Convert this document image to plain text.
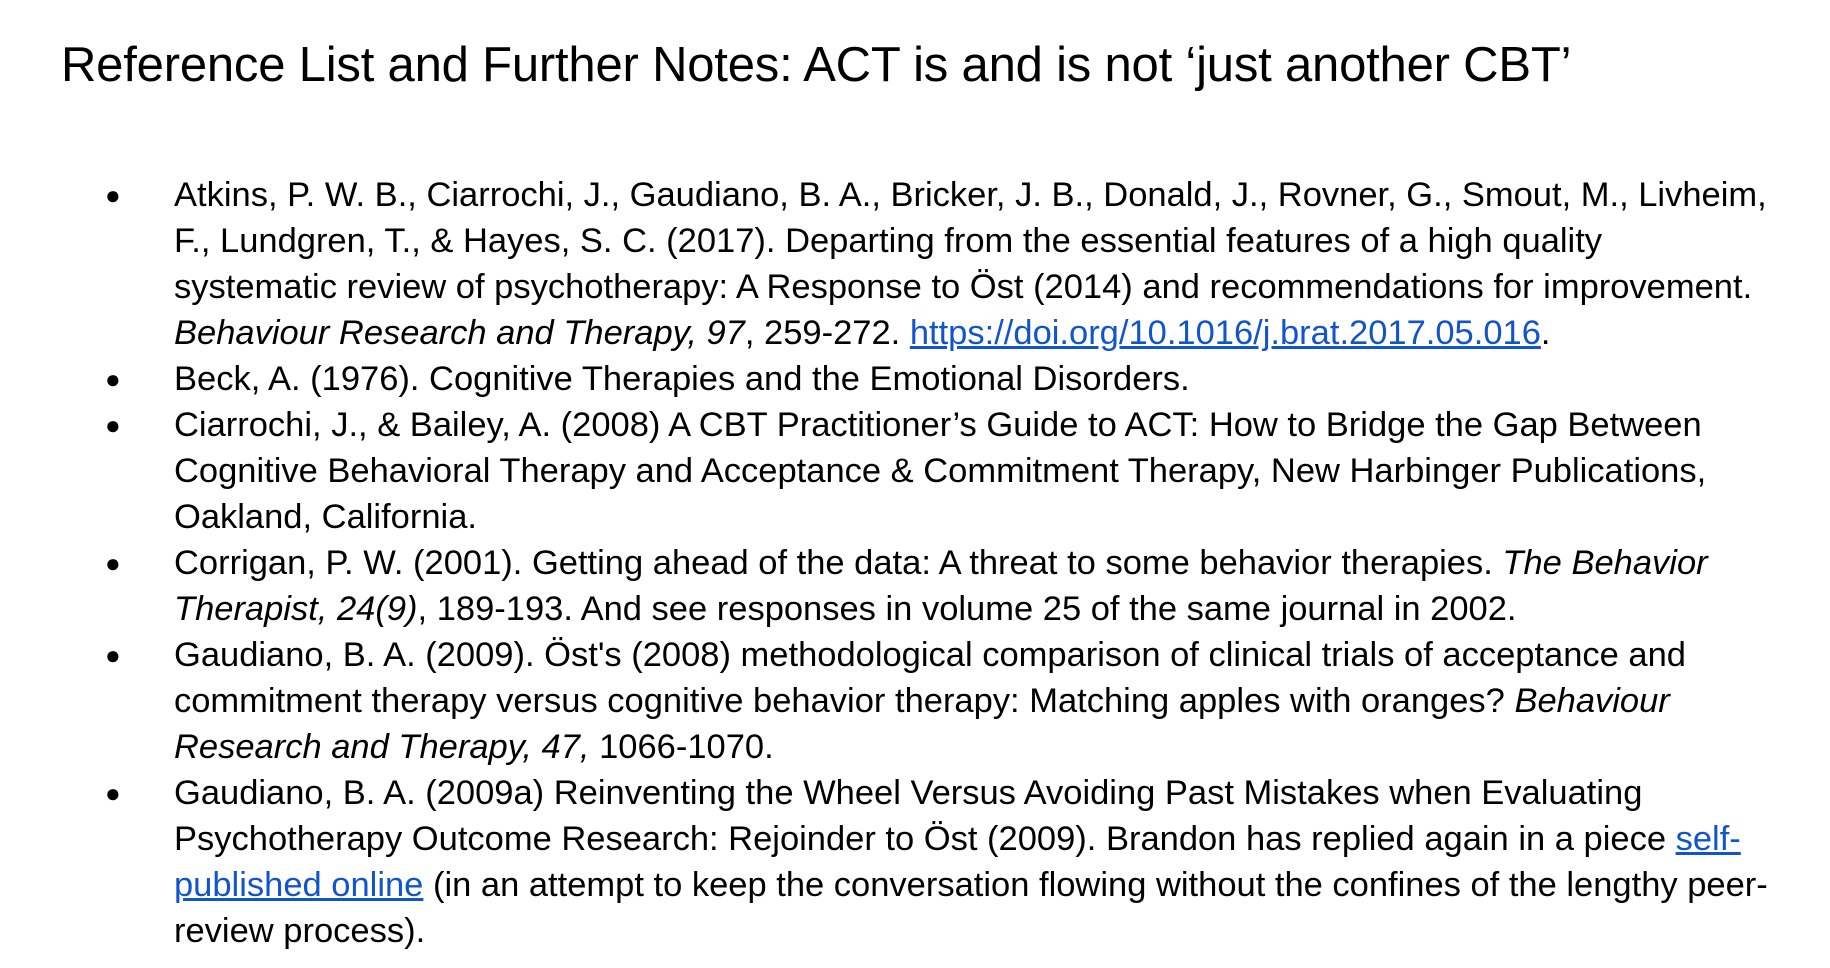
Reference List and Further Notes: ACT is and is not ‘just another CBT’
● Atkins, P. W. B., Ciarrochi, J., Gaudiano, B. A., Bricker, J. B., Donald, J., Rovner, G., Smout, M., Livheim, F., Lundgren, T., & Hayes, S. C. (2017). Departing from the essential features of a high quality systematic review of psychotherapy: A Response to Öst (2014) and recommendations for improvement. Behaviour Research and Therapy, 97, 259-272. https://doi.org/10.1016/j.brat.2017.05.016.
● Beck, A. (1976). Cognitive Therapies and the Emotional Disorders.
● Ciarrochi, J., & Bailey, A. (2008) A CBT Practitioner’s Guide to ACT: How to Bridge the Gap Between Cognitive Behavioral Therapy and Acceptance & Commitment Therapy, New Harbinger Publications, Oakland, California.
● Corrigan, P. W. (2001). Getting ahead of the data: A threat to some behavior therapies. The Behavior Therapist, 24(9), 189-193. And see responses in volume 25 of the same journal in 2002.
● Gaudiano, B. A. (2009). Öst's (2008) methodological comparison of clinical trials of acceptance and commitment therapy versus cognitive behavior therapy: Matching apples with oranges? Behaviour Research and Therapy, 47, 1066-1070.
● Gaudiano, B. A. (2009a) Reinventing the Wheel Versus Avoiding Past Mistakes when Evaluating Psychotherapy Outcome Research: Rejoinder to Öst (2009). Brandon has replied again in a piece self-published online (in an attempt to keep the conversation flowing without the confines of the lengthy peer-review process).
